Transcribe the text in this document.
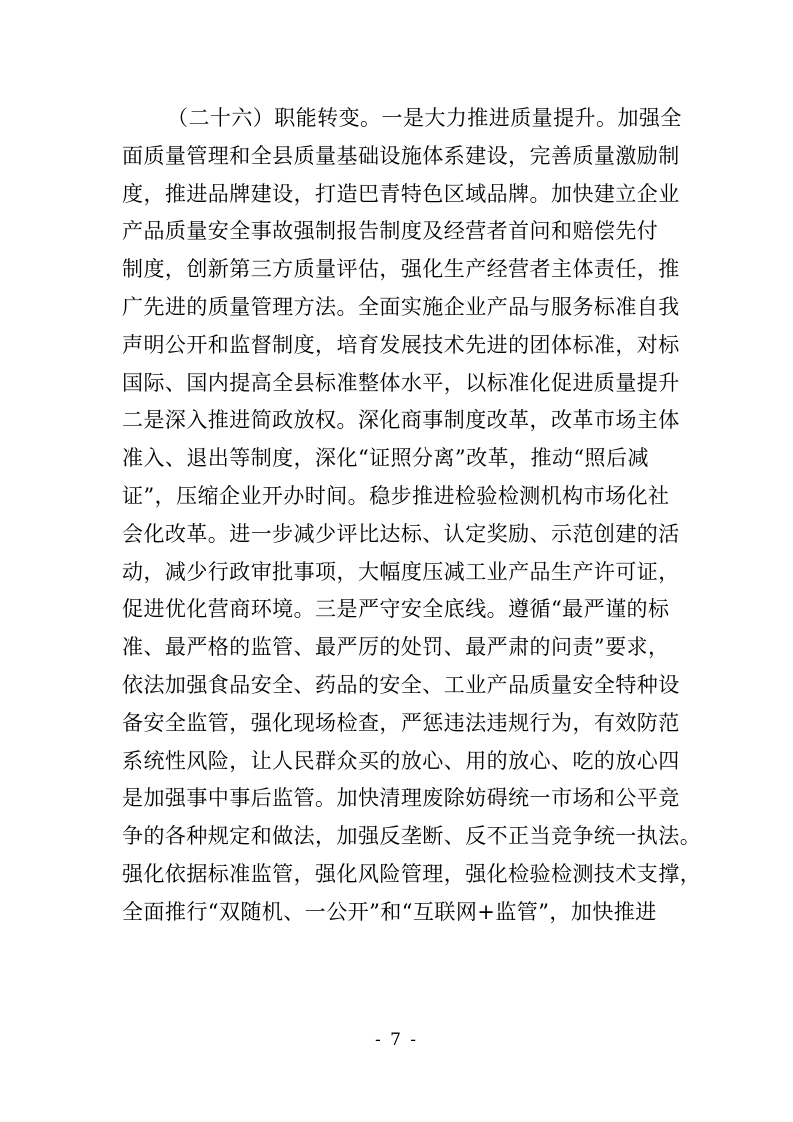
（二十六）职能转变。一是大力推进质量提升。加强全
面质量管理和全县质量基础设施体系建设，完善质量激励制
度，推进品牌建设，打造巴青特色区域品牌。加快建立企业
产品质量安全事故强制报告制度及经营者首问和赔偿先付
制度，创新第三方质量评估，强化生产经营者主体责任，推
广先进的质量管理方法。全面实施企业产品与服务标准自我
声明公开和监督制度，培育发展技术先进的团体标准，对标
国际、国内提高全县标准整体水平，以标准化促进质量提升
二是深入推进简政放权。深化商事制度改革，改革市场主体
准入、退出等制度，深化“证照分离”改革，推动“照后减
证”，压缩企业开办时间。稳步推进检验检测机构市场化社
会化改革。进一步减少评比达标、认定奖励、示范创建的活
动，减少行政审批事项，大幅度压减工业产品生产许可证，
促进优化营商环境。三是严守安全底线。遵循“最严谨的标
准、最严格的监管、最严厉的处罚、最严肃的问责”要求，
依法加强食品安全、药品的安全、工业产品质量安全特种设
备安全监管，强化现场检查，严惩违法违规行为，有效防范
系统性风险，让人民群众买的放心、用的放心、吃的放心四
是加强事中事后监管。加快清理废除妨碍统一市场和公平竞
争的各种规定和做法，加强反垄断、反不正当竞争统一执法。
强化依据标准监管，强化风险管理，强化检验检测技术支撑，
全面推行“双随机、一公开”和“互联网+监管”，加快推进
- 7 -
